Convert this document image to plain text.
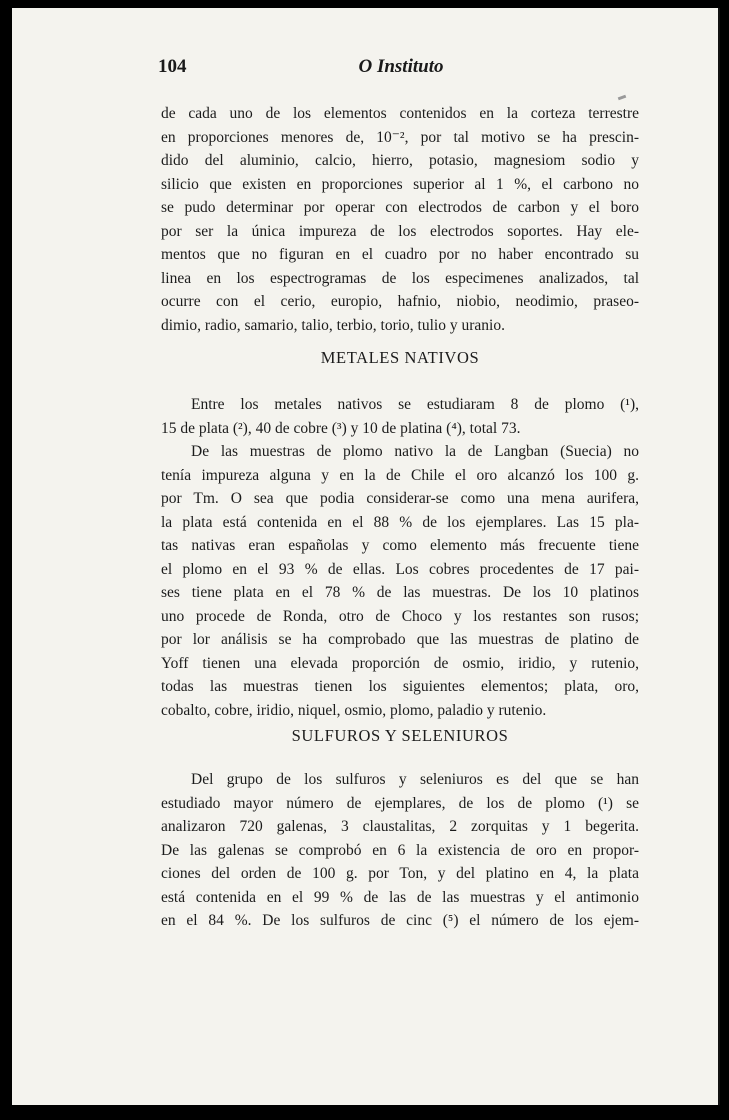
104	O Instituto
de cada uno de los elementos contenidos en la corteza terrestre
en proporciones menores de, 10⁻², por tal motivo se ha prescin-
dido del aluminio, calcio, hierro, potasio, magnesiom sodio y
silicio que existen en proporciones superior al 1 %, el carbono no
se pudo determinar por operar con electrodos de carbon y el boro
por ser la única impureza de los electrodos soportes. Hay ele-
mentos que no figuran en el cuadro por no haber encontrado su
linea en los espectrogramas de los especimenes analizados, tal
ocurre con el cerio, europio, hafnio, niobio, neodimio, praseo-
dimio, radio, samario, talio, terbio, torio, tulio y uranio.
METALES NATIVOS
Entre los metales nativos se estudiaram 8 de plomo (¹),
15 de plata (²), 40 de cobre (³) y 10 de platina (⁴), total 73.
De las muestras de plomo nativo la de Langban (Suecia) no
tenía impureza alguna y en la de Chile el oro alcanzó los 100 g.
por Tm. O sea que podia considerar-se como una mena aurifera,
la plata está contenida en el 88 % de los ejemplares. Las 15 pla-
tas nativas eran españolas y como elemento más frecuente tiene
el plomo en el 93 % de ellas. Los cobres procedentes de 17 pai-
ses tiene plata en el 78 % de las muestras. De los 10 platinos
uno procede de Ronda, otro de Choco y los restantes son rusos;
por lor análisis se ha comprobado que las muestras de platino de
Yoff tienen una elevada proporción de osmio, iridio, y rutenio,
todas las muestras tienen los siguientes elementos; plata, oro,
cobalto, cobre, iridio, niquel, osmio, plomo, paladio y rutenio.
SULFUROS Y SELENIUROS
Del grupo de los sulfuros y seleniuros es del que se han
estudiado mayor número de ejemplares, de los de plomo (¹) se
analizaron 720 galenas, 3 claustalitas, 2 zorquitas y 1 begerita.
De las galenas se comprobó en 6 la existencia de oro en propor-
ciones del orden de 100 g. por Ton, y del platino en 4, la plata
está contenida en el 99 % de las de las muestras y el antimonio
en el 84 %. De los sulfuros de cinc (⁵) el número de los ejem-
